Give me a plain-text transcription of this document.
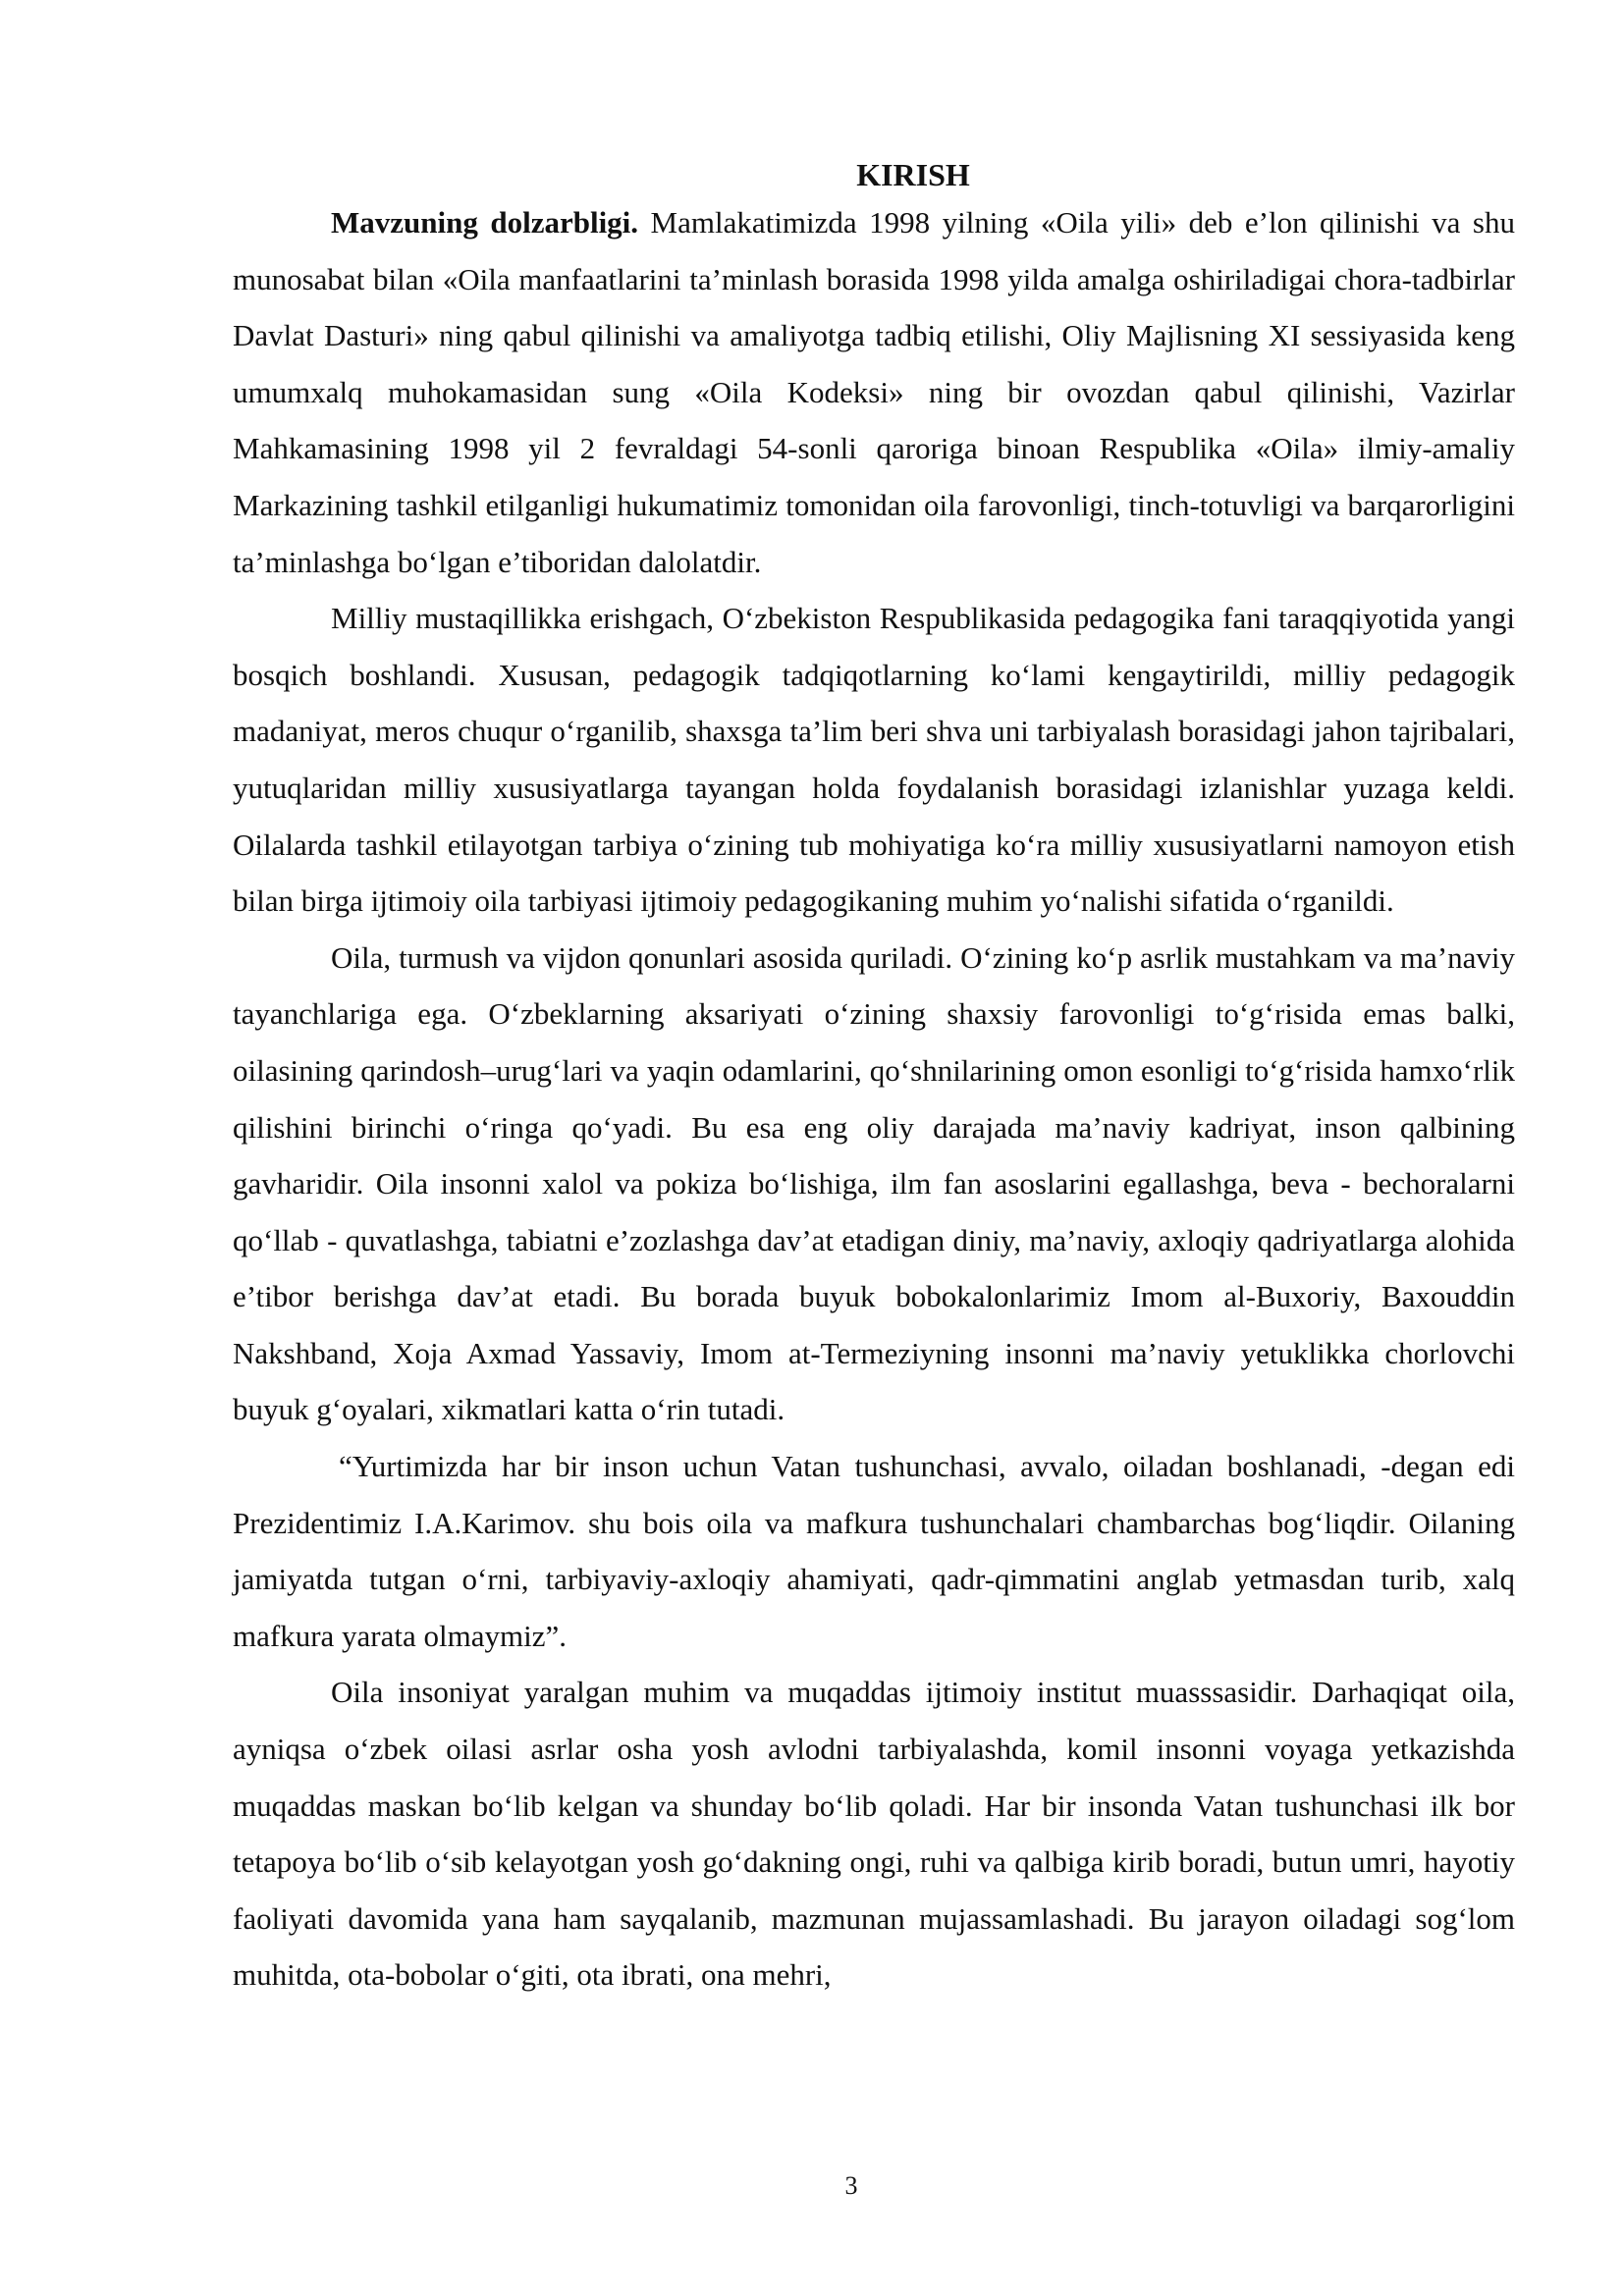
KIRISH

Mavzuning dolzarbligi. Mamlakatimizda 1998 yilning «Oila yili» deb e’lon qilinishi va shu munosabat bilan «Oila manfaatlarini ta’minlash borasida 1998 yilda amalga oshiriladigai chora-tadbirlar Davlat Dasturi» ning qabul qilinishi va amaliyotga tadbiq etilishi, Oliy Majlisning XI sessiyasida keng umumxalq muhokamasidan sung «Oila Kodeksi» ning bir ovozdan qabul qilinishi, Vazirlar Mahkamasining 1998 yil 2 fevraldagi 54-sonli qaroriga binoan Respublika «Oila» ilmiy-amaliy Markazining tashkil etilganligi hukumatimiz tomonidan oila farovonligi, tinch-totuvligi va barqarorligini ta’minlashga bo‘lgan e’tiboridan dalolatdir.

Milliy mustaqillikka erishgach, O‘zbekiston Respublikasida pedagogika fani taraqqiyotida yangi bosqich boshlandi. Xususan, pedagogik tadqiqotlarning ko‘lami kengaytirildi, milliy pedagogik madaniyat, meros chuqur o‘rganilib, shaxsga ta’lim beri shva uni tarbiyalash borasidagi jahon tajribalari, yutuqlaridan milliy xususiyatlarga tayangan holda foydalanish borasidagi izlanishlar yuzaga keldi. Oilalarda tashkil etilayotgan tarbiya o‘zining tub mohiyatiga ko‘ra milliy xususiyatlarni namoyon etish bilan birga ijtimoiy oila tarbiyasi ijtimoiy pedagogikaning muhim yo‘nalishi sifatida o‘rganildi.

Oila, turmush va vijdon qonunlari asosida quriladi. O‘zining ko‘p asrlik mustahkam va ma’naviy tayanchlariga ega. O‘zbeklarning aksariyati o‘zining shaxsiy farovonligi to‘g‘risida emas balki, oilasining qarindosh–urug‘lari va yaqin odamlarini, qo‘shnilarining omon esonligi to‘g‘risida hamxo‘rlik qilishini birinchi o‘ringa qo‘yadi. Bu esa eng oliy darajada ma’naviy kadriyat, inson qalbining gavharidir. Oila insonni xalol va pokiza bo‘lishiga, ilm fan asoslarini egallashga, beva - bechoralarni qo‘llab - quvatlashga, tabiatni e’zozlashga dav’at etadigan diniy, ma’naviy, axloqiy qadriyatlarga alohida e’tibor berishga dav’at etadi. Bu borada buyuk bobokalonlarimiz Imom al-Buxoriy, Baxouddin Nakshband, Xoja Axmad Yassaviy, Imom at-Termeziyning insonni ma’naviy yetuklikka chorlovchi buyuk g‘oyalari, xikmatlari katta o‘rin tutadi.

“Yurtimizda har bir inson uchun Vatan tushunchasi, avvalo, oiladan boshlanadi, -degan edi Prezidentimiz I.A.Karimov. shu bois oila va mafkura tushunchalari chambarchas bog‘liqdir. Oilaning jamiyatda tutgan o‘rni, tarbiyaviy-axloqiy ahamiyati, qadr-qimmatini anglab yetmasdan turib, xalq mafkura yarata olmaymiz”.

Oila insoniyat yaralgan muhim va muqaddas ijtimoiy institut muasssasidir. Darhaqiqat oila, ayniqsa o‘zbek oilasi asrlar osha yosh avlodni tarbiyalashda, komil insonni voyaga yetkazishda muqaddas maskan bo‘lib kelgan va shunday bo‘lib qoladi. Har bir insonda Vatan tushunchasi ilk bor tetapoya bo‘lib o‘sib kelayotgan yosh go‘dakning ongi, ruhi va qalbiga kirib boradi, butun umri, hayotiy faoliyati davomida yana ham sayqalanib, mazmunan mujassamlashadi. Bu jarayon oiladagi sog‘lom muhitda, ota-bobolar o‘giti, ota ibrati, ona mehri,

3
